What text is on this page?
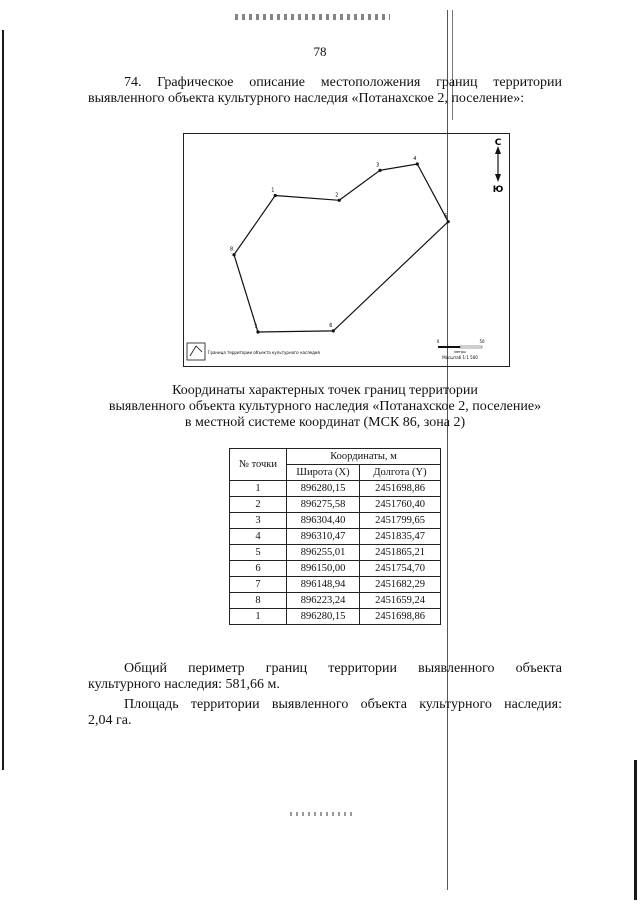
78
74. Графическое описание местоположения границ территории
выявленного объекта культурного наследия «Потанахское 2, поселение»:
1
2
3
4
5
6
7
8
С
Ю
Граница территории объекта культурного наследия
0	50
метры
Масштаб 1:1 500
Координаты характерных точек границ территории
выявленного объекта культурного наследия «Потанахское 2, поселение»
в местной системе координат (МСК 86, зона 2)
№ точки	Координаты, м	
	Широта (X)	Долгота (Y)
1	896280,15	2451698,86
2	896275,58	2451760,40
3	896304,40	2451799,65
4	896310,47	2451835,47
5	896255,01	2451865,21
6	896150,00	2451754,70
7	896148,94	2451682,29
8	896223,24	2451659,24
1	896280,15	2451698,86
Общий периметр границ территории выявленного объекта
культурного наследия: 581,66 м.
Площадь территории выявленного объекта культурного наследия:
2,04 га.
